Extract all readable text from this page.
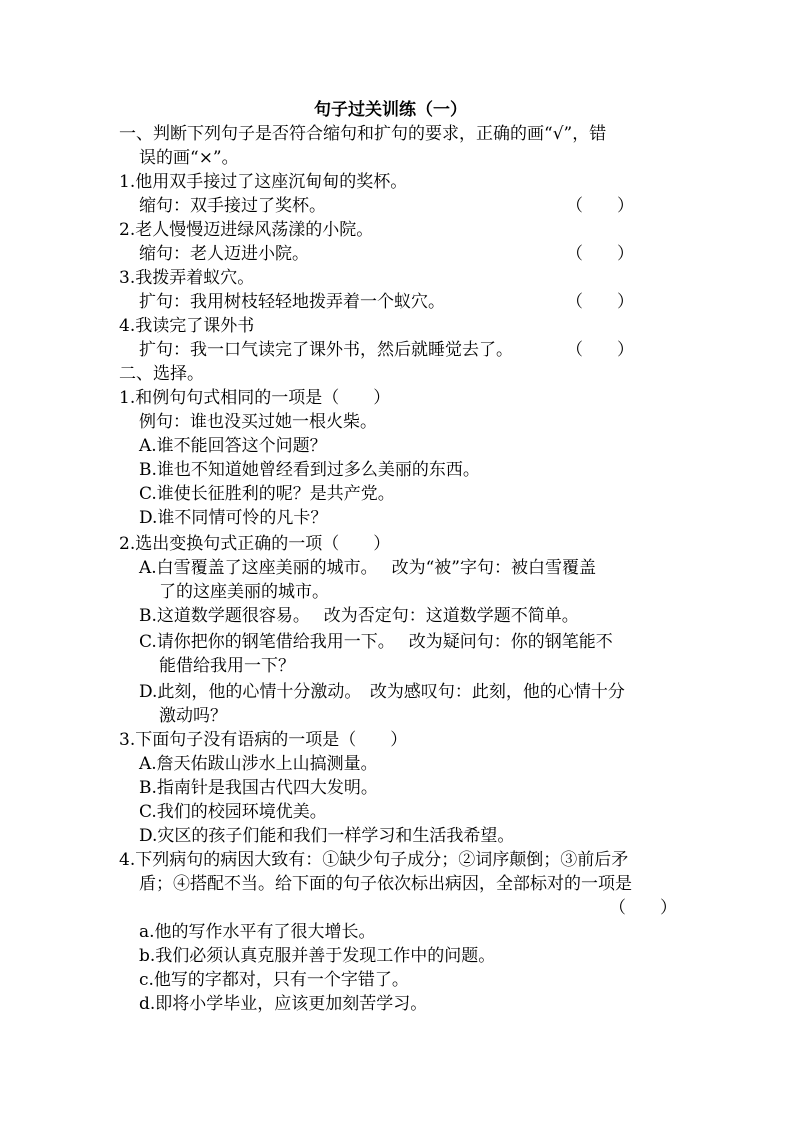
句子过关训练（一）
一、判断下列句子是否符合缩句和扩句的要求，正确的画“√”，错
误的画“×”。
1.他用双手接过了这座沉甸甸的奖杯。
缩句：双手接过了奖杯。	（　　）
2.老人慢慢迈进绿风荡漾的小院。
缩句：老人迈进小院。	（　　）
3.我拨弄着蚁穴。
扩句：我用树枝轻轻地拨弄着一个蚁穴。	（　　）
4.我读完了课外书
扩句：我一口气读完了课外书，然后就睡觉去了。	（　　）
二、选择。
1.和例句句式相同的一项是（　　）
例句：谁也没买过她一根火柴。
A.谁不能回答这个问题？
B.谁也不知道她曾经看到过多么美丽的东西。
C.谁使长征胜利的呢？是共产党。
D.谁不同情可怜的凡卡？
2.选出变换句式正确的一项（　　）
A.白雪覆盖了这座美丽的城市。　 改为“被”字句：被白雪覆盖
了的这座美丽的城市。
B.这道数学题很容易。　 改为否定句：这道数学题不简单。
C.请你把你的钢笔借给我用一下。　 改为疑问句：你的钢笔能不
能借给我用一下？
D.此刻，他的心情十分激动。　改为感叹句：此刻，他的心情十分
激动吗？
3.下面句子没有语病的一项是（　　）
A.詹天佑跋山涉水上山搞测量。
B.指南针是我国古代四大发明。
C.我们的校园环境优美。
D.灾区的孩子们能和我们一样学习和生活我希望。
4.下列病句的病因大致有：①缺少句子成分；②词序颠倒；③前后矛
盾；④搭配不当。给下面的句子依次标出病因，全部标对的一项是
（　　）
a.他的写作水平有了很大增长。
b.我们必须认真克服并善于发现工作中的问题。
c.他写的字都对，只有一个字错了。
d.即将小学毕业，应该更加刻苦学习。
